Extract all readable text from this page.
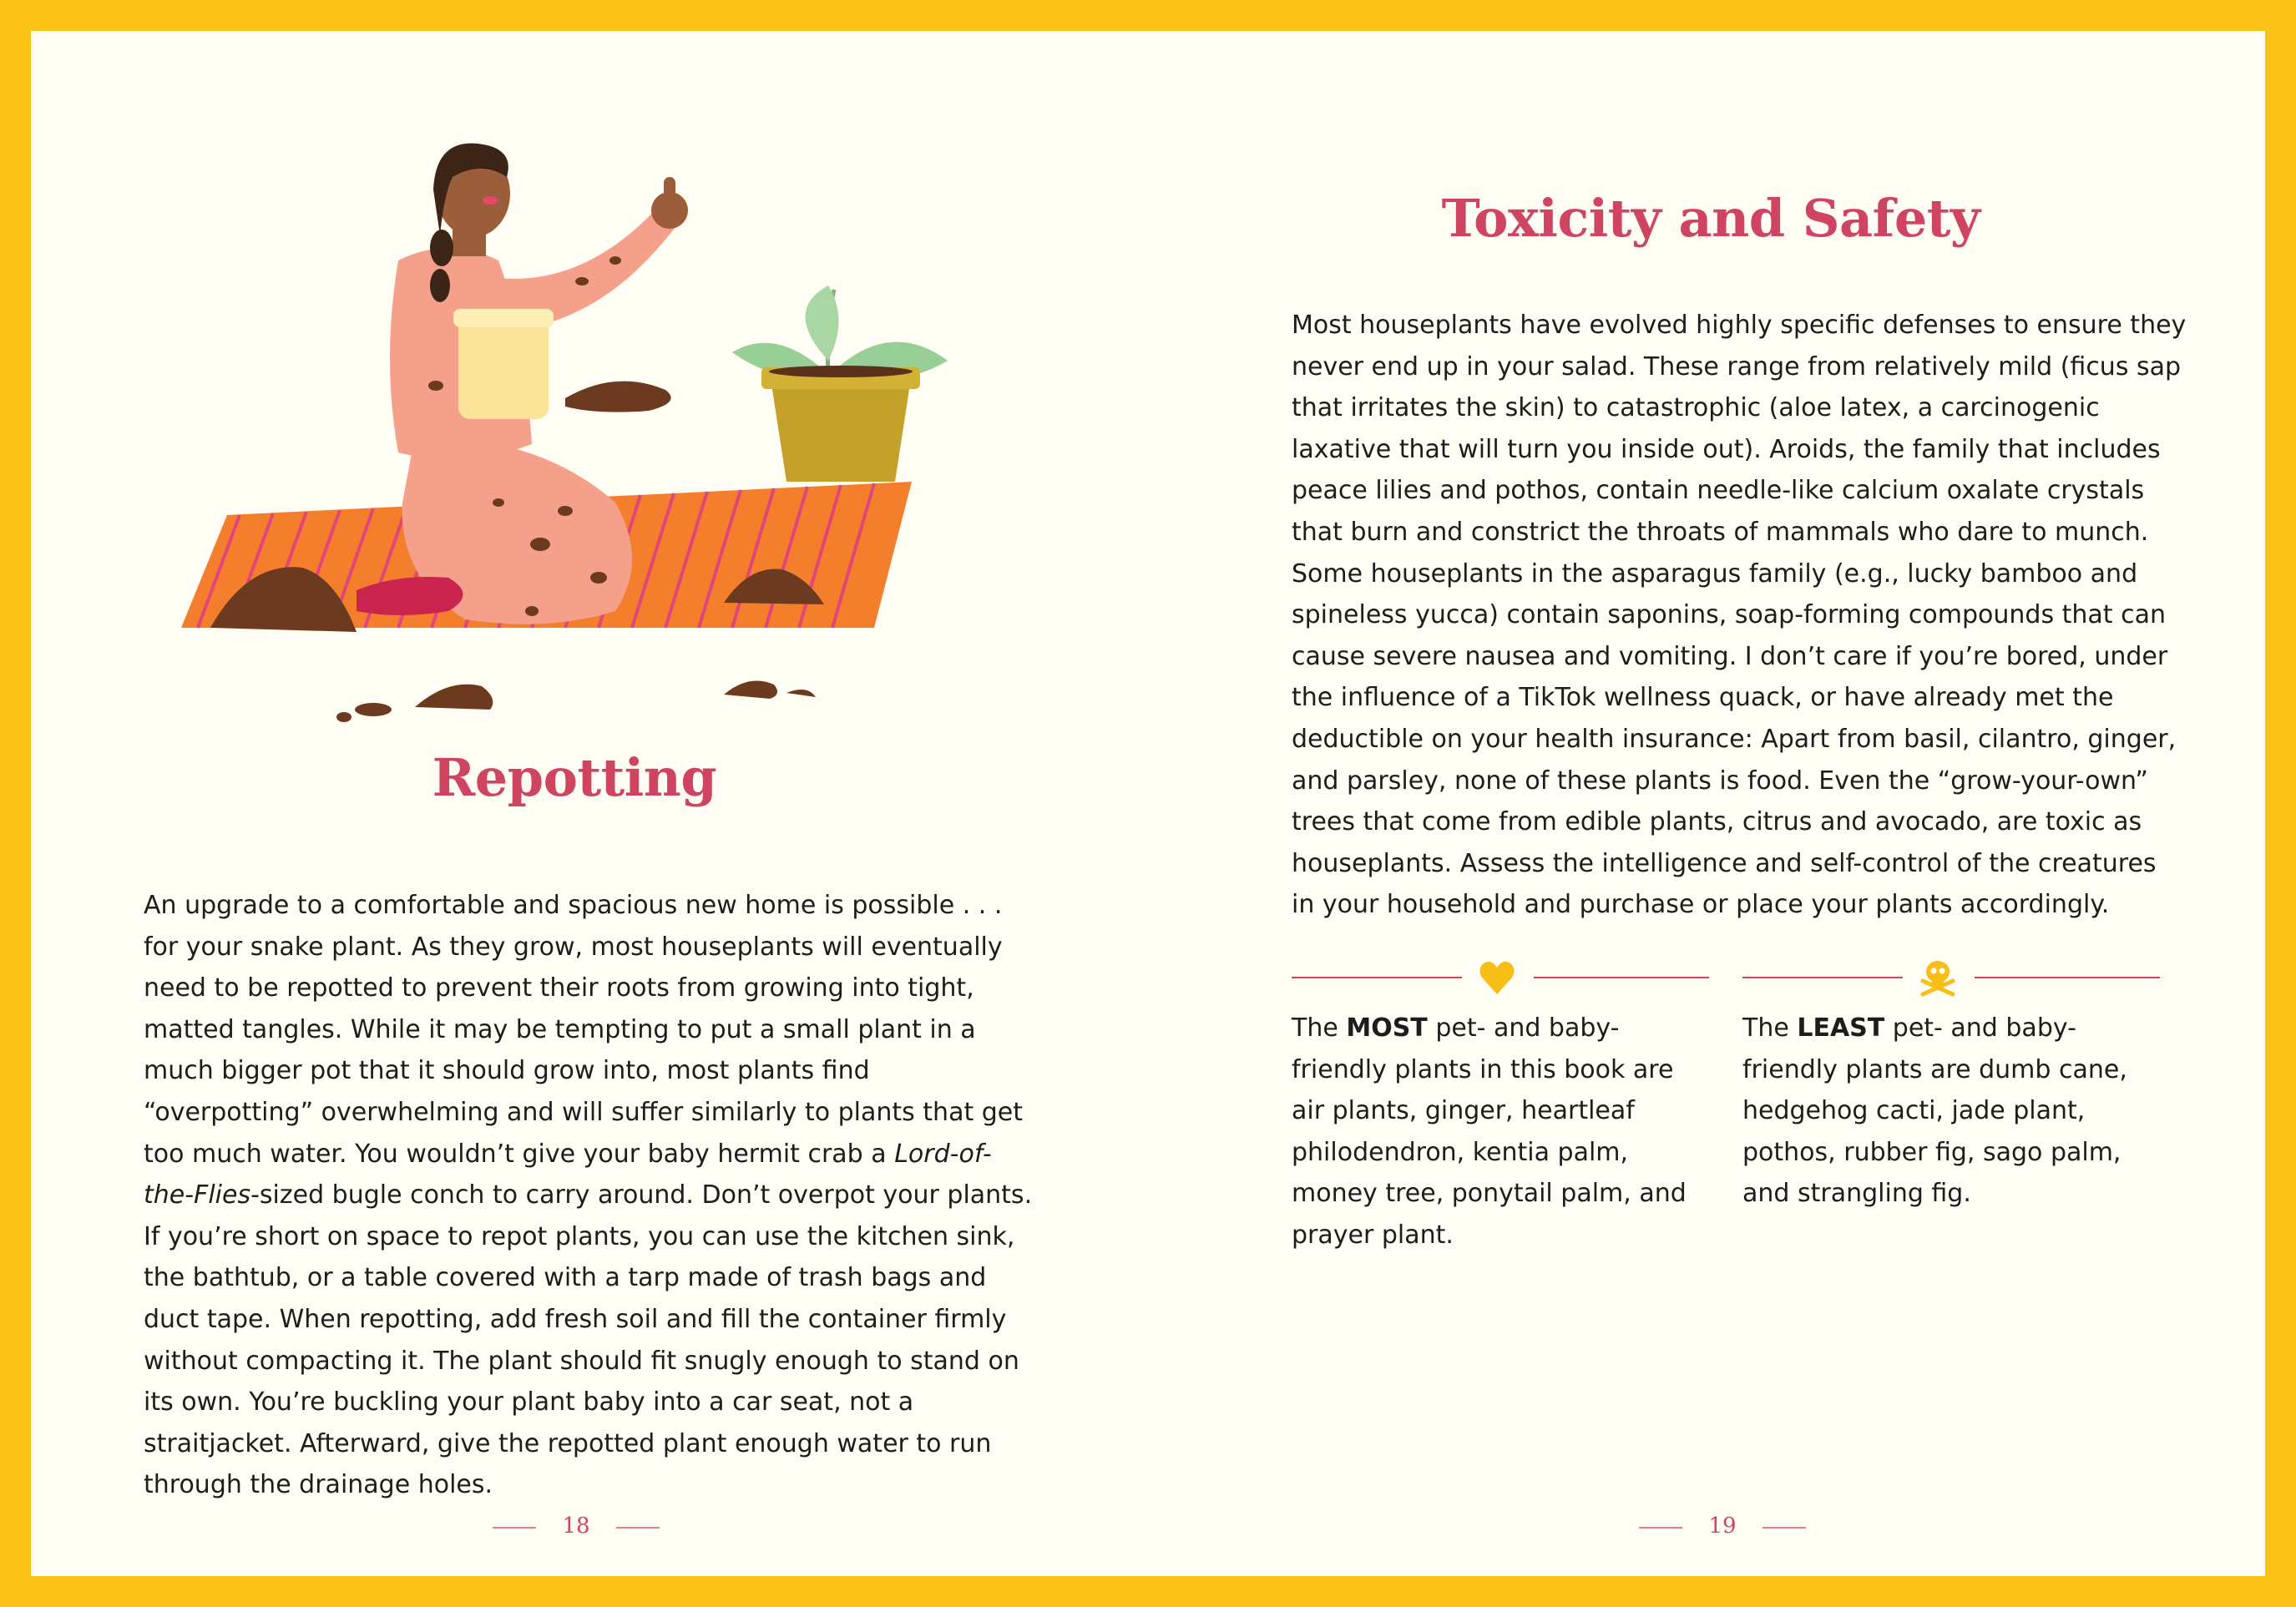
Repotting

An upgrade to a comfortable and spacious new home is possible . . . for your snake plant. As they grow, most houseplants will eventually need to be repotted to prevent their roots from growing into tight, matted tangles. While it may be tempting to put a small plant in a much bigger pot that it should grow into, most plants find “overpotting” overwhelming and will suffer similarly to plants that get too much water. You wouldn’t give your baby hermit crab a Lord-of-the-Flies-sized bugle conch to carry around. Don’t overpot your plants. If you’re short on space to repot plants, you can use the kitchen sink, the bathtub, or a table covered with a tarp made of trash bags and duct tape. When repotting, add fresh soil and fill the container firmly without compacting it. The plant should fit snugly enough to stand on its own. You’re buckling your plant baby into a car seat, not a straitjacket. Afterward, give the repotted plant enough water to run through the drainage holes.

18
Toxicity and Safety

Most houseplants have evolved highly specific defenses to ensure they never end up in your salad. These range from relatively mild (ficus sap that irritates the skin) to catastrophic (aloe latex, a carcinogenic laxative that will turn you inside out). Aroids, the family that includes peace lilies and pothos, contain needle-like calcium oxalate crystals that burn and constrict the throats of mammals who dare to munch. Some houseplants in the asparagus family (e.g., lucky bamboo and spineless yucca) contain saponins, soap-forming compounds that can cause severe nausea and vomiting. I don’t care if you’re bored, under the influence of a TikTok wellness quack, or have already met the deductible on your health insurance: Apart from basil, cilantro, ginger, and parsley, none of these plants is food. Even the “grow-your-own” trees that come from edible plants, citrus and avocado, are toxic as houseplants. Assess the intelligence and self-control of the creatures in your household and purchase or place your plants accordingly.

The MOST pet- and baby-friendly plants in this book are air plants, ginger, heartleaf philodendron, kentia palm, money tree, ponytail palm, and prayer plant.

The LEAST pet- and baby-friendly plants are dumb cane, hedgehog cacti, jade plant, pothos, rubber fig, sago palm, and strangling fig.

19
